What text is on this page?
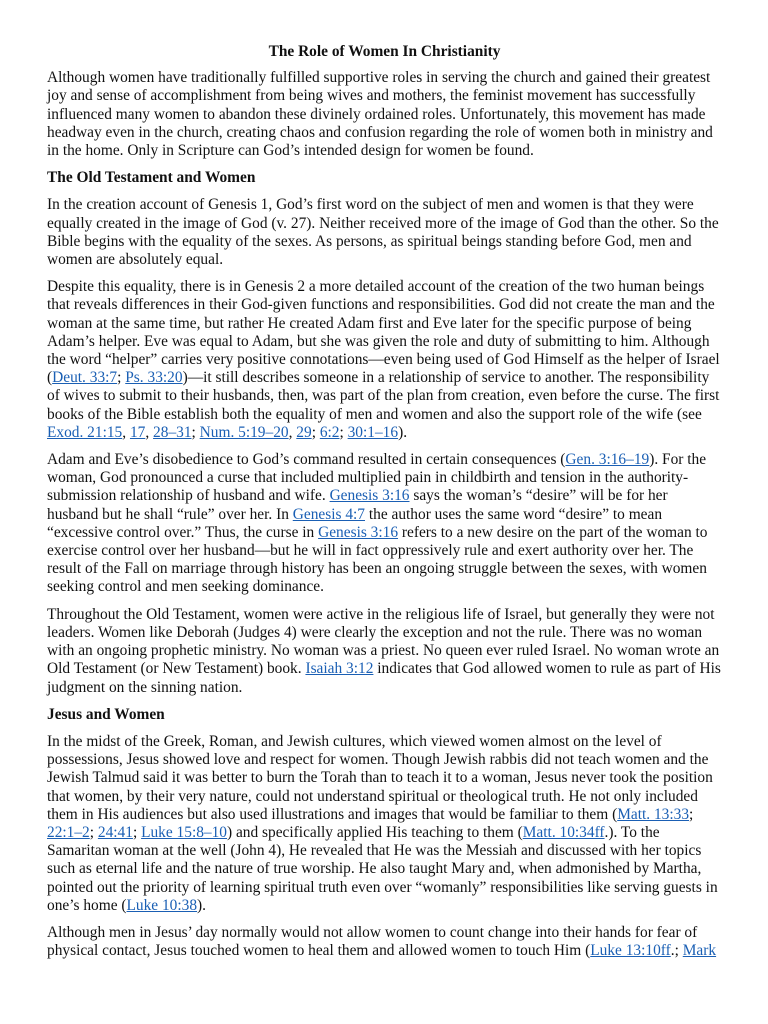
The Role of Women In Christianity

Although women have traditionally fulfilled supportive roles in serving the church and gained their greatest joy and sense of accomplishment from being wives and mothers, the feminist movement has successfully influenced many women to abandon these divinely ordained roles. Unfortunately, this movement has made headway even in the church, creating chaos and confusion regarding the role of women both in ministry and in the home. Only in Scripture can God’s intended design for women be found.

The Old Testament and Women

In the creation account of Genesis 1, God’s first word on the subject of men and women is that they were equally created in the image of God (v. 27). Neither received more of the image of God than the other. So the Bible begins with the equality of the sexes. As persons, as spiritual beings standing before God, men and women are absolutely equal.

Despite this equality, there is in Genesis 2 a more detailed account of the creation of the two human beings that reveals differences in their God-given functions and responsibilities. God did not create the man and the woman at the same time, but rather He created Adam first and Eve later for the specific purpose of being Adam’s helper. Eve was equal to Adam, but she was given the role and duty of submitting to him. Although the word “helper” carries very positive connotations—even being used of God Himself as the helper of Israel (Deut. 33:7; Ps. 33:20)—it still describes someone in a relationship of service to another. The responsibility of wives to submit to their husbands, then, was part of the plan from creation, even before the curse. The first books of the Bible establish both the equality of men and women and also the support role of the wife (see Exod. 21:15, 17, 28–31; Num. 5:19–20, 29; 6:2; 30:1–16).

Adam and Eve’s disobedience to God’s command resulted in certain consequences (Gen. 3:16–19). For the woman, God pronounced a curse that included multiplied pain in childbirth and tension in the authority-submission relationship of husband and wife. Genesis 3:16 says the woman’s “desire” will be for her husband but he shall “rule” over her. In Genesis 4:7 the author uses the same word “desire” to mean “excessive control over.” Thus, the curse in Genesis 3:16 refers to a new desire on the part of the woman to exercise control over her husband—but he will in fact oppressively rule and exert authority over her. The result of the Fall on marriage through history has been an ongoing struggle between the sexes, with women seeking control and men seeking dominance.

Throughout the Old Testament, women were active in the religious life of Israel, but generally they were not leaders. Women like Deborah (Judges 4) were clearly the exception and not the rule. There was no woman with an ongoing prophetic ministry. No woman was a priest. No queen ever ruled Israel. No woman wrote an Old Testament (or New Testament) book. Isaiah 3:12 indicates that God allowed women to rule as part of His judgment on the sinning nation.

Jesus and Women

In the midst of the Greek, Roman, and Jewish cultures, which viewed women almost on the level of possessions, Jesus showed love and respect for women. Though Jewish rabbis did not teach women and the Jewish Talmud said it was better to burn the Torah than to teach it to a woman, Jesus never took the position that women, by their very nature, could not understand spiritual or theological truth. He not only included them in His audiences but also used illustrations and images that would be familiar to them (Matt. 13:33; 22:1–2; 24:41; Luke 15:8–10) and specifically applied His teaching to them (Matt. 10:34ff.). To the Samaritan woman at the well (John 4), He revealed that He was the Messiah and discussed with her topics such as eternal life and the nature of true worship. He also taught Mary and, when admonished by Martha, pointed out the priority of learning spiritual truth even over “womanly” responsibilities like serving guests in one’s home (Luke 10:38).

Although men in Jesus’ day normally would not allow women to count change into their hands for fear of physical contact, Jesus touched women to heal them and allowed women to touch Him (Luke 13:10ff.; Mark
